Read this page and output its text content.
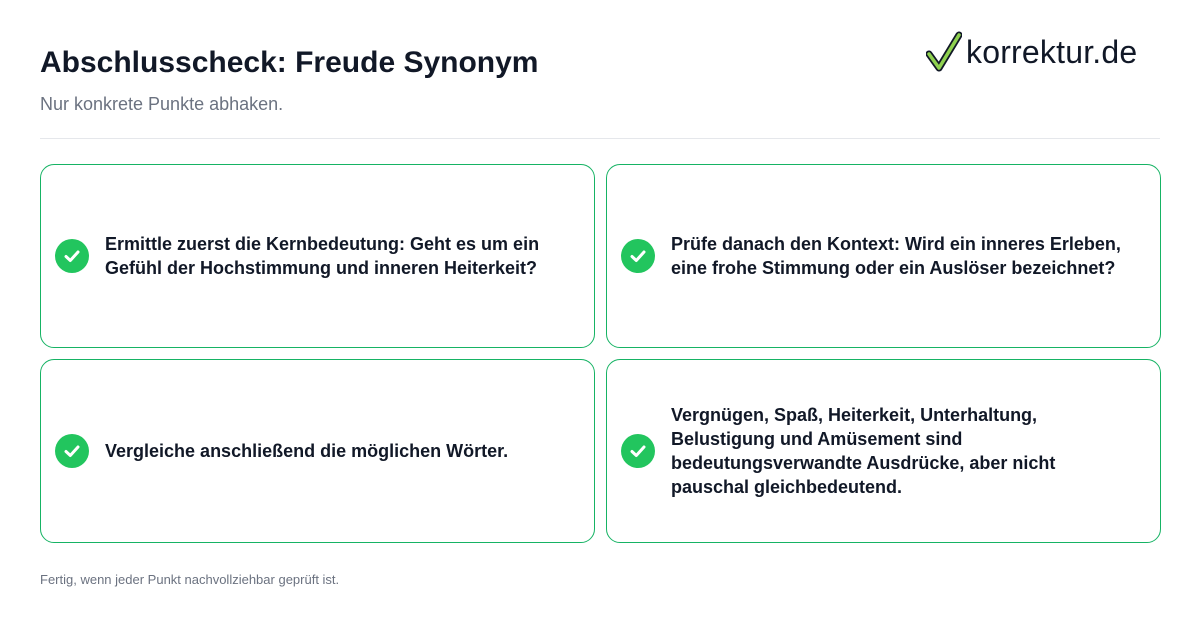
Abschlusscheck: Freude Synonym

Nur konkrete Punkte abhaken.

korrektur.de
Ermittle zuerst die Kernbedeutung: Geht es um ein Gefühl der Hochstimmung und inneren Heiterkeit?
Prüfe danach den Kontext: Wird ein inneres Erleben, eine frohe Stimmung oder ein Auslöser bezeichnet?
Vergleiche anschließend die möglichen Wörter.
Vergnügen, Spaß, Heiterkeit, Unterhaltung, Belustigung und Amüsement sind bedeutungsverwandte Ausdrücke, aber nicht pauschal gleichbedeutend.

Fertig, wenn jeder Punkt nachvollziehbar geprüft ist.
